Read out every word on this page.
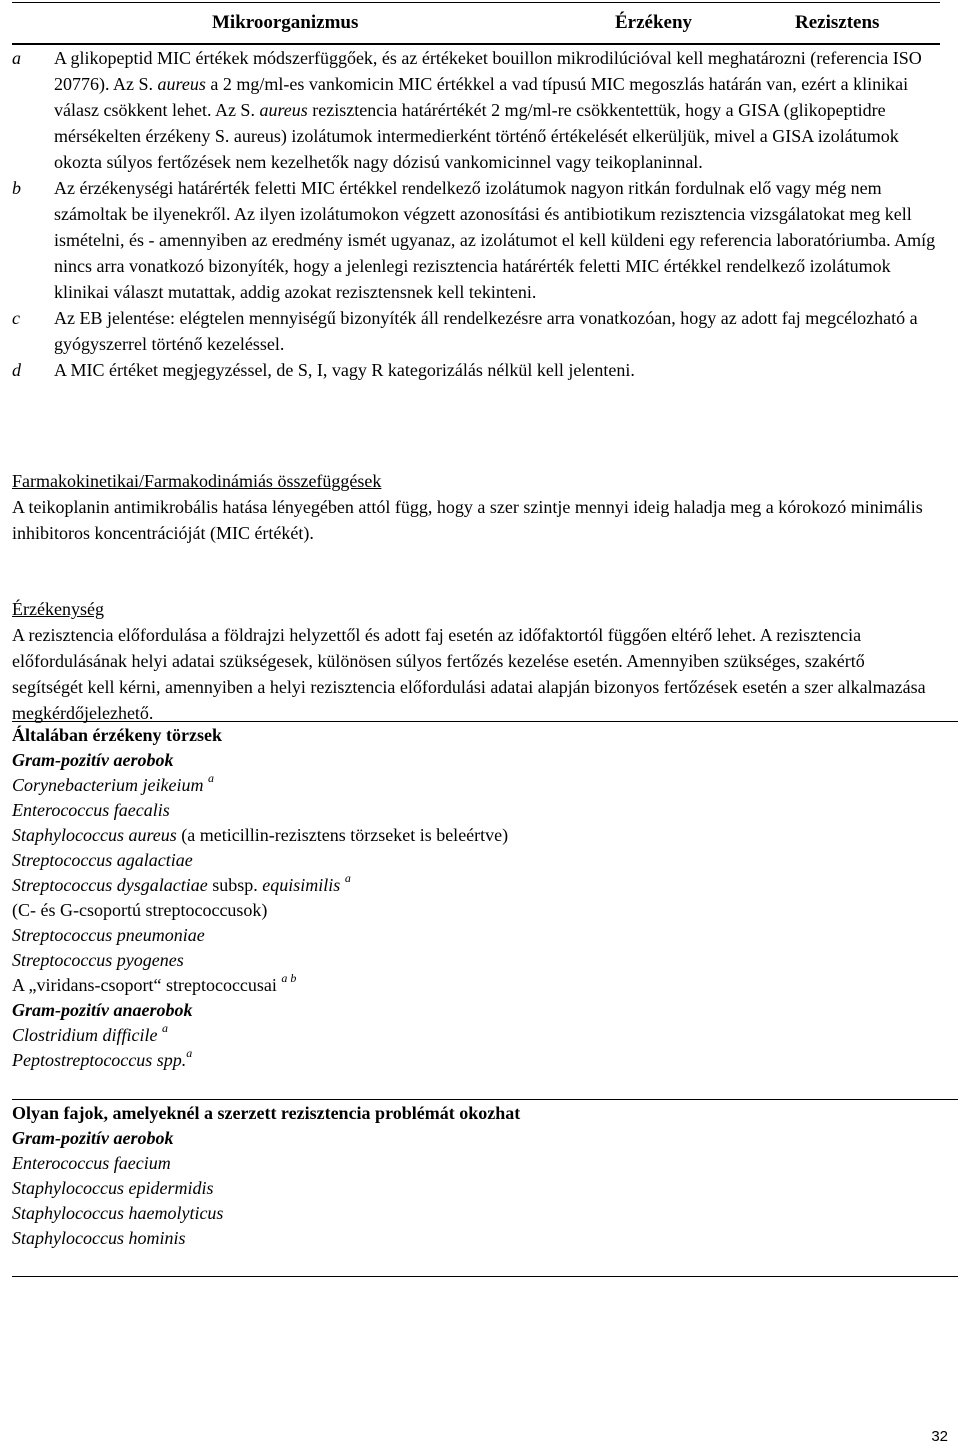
Mikroorganizmus	Érzékeny	Rezisztens
a	A glikopeptid MIC értékek módszerfüggőek, és az értékeket bouillon mikrodilúcióval kell meghatározni (referencia ISO 20776). Az S. aureus a 2 mg/ml-es vankomicin MIC értékkel a vad típusú MIC megoszlás határán van, ezért a klinikai válasz csökkent lehet. Az S. aureus rezisztencia határértékét 2 mg/ml-re csökkentettük, hogy a GISA (glikopeptidre mérsékelten érzékeny S. aureus) izolátumok intermedierként történő értékelését elkerüljük, mivel a GISA izolátumok okozta súlyos fertőzések nem kezelhetők nagy dózisú vankomicinnel vagy teikoplaninnal.
b	Az érzékenységi határérték feletti MIC értékkel rendelkező izolátumok nagyon ritkán fordulnak elő vagy még nem számoltak be ilyenekről. Az ilyen izolátumokon végzett azonosítási és antibiotikum rezisztencia vizsgálatokat meg kell ismételni, és - amennyiben az eredmény ismét ugyanaz, az izolátumot el kell küldeni egy referencia laboratóriumba. Amíg nincs arra vonatkozó bizonyíték, hogy a jelenlegi rezisztencia határérték feletti MIC értékkel rendelkező izolátumok klinikai választ mutattak, addig azokat rezisztensnek kell tekinteni.
c	Az EB jelentése: elégtelen mennyiségű bizonyíték áll rendelkezésre arra vonatkozóan, hogy az adott faj megcélozható a gyógyszerrel történő kezeléssel.
d	A MIC értéket megjegyzéssel, de S, I, vagy R kategorizálás nélkül kell jelenteni.
Farmakokinetikai/Farmakodinámiás összefüggések
A teikoplanin antimikrobális hatása lényegében attól függ, hogy a szer szintje mennyi ideig haladja meg a kórokozó minimális inhibitoros koncentrációját (MIC értékét).
Érzékenység
A rezisztencia előfordulása a földrajzi helyzettől és adott faj esetén az időfaktortól függően eltérő lehet. A rezisztencia előfordulásának helyi adatai szükségesek, különösen súlyos fertőzés kezelése esetén. Amennyiben szükséges, szakértő segítségét kell kérni, amennyiben a helyi rezisztencia előfordulási adatai alapján bizonyos fertőzések esetén a szer alkalmazása megkérdőjelezhető.
Általában érzékeny törzsek
Gram-pozitív aerobok
Corynebacterium jeikeium $^a$
Enterococcus faecalis
Staphylococcus aureus (a meticillin-rezisztens törzseket is beleértve)
Streptococcus agalactiae
Streptococcus dysgalactiae subsp. equisimilis $^a$
(C- és G-csoportú streptococcusok)
Streptococcus pneumoniae
Streptococcus pyogenes
A „viridans-csoport“ streptococcusai $^{a b}$
Gram-pozitív anaerobok
Clostridium difficile $^a$
Peptostreptococcus spp.$^a$
Olyan fajok, amelyeknél a szerzett rezisztencia problémát okozhat
Gram-pozitív aerobok
Enterococcus faecium
Staphylococcus epidermidis
Staphylococcus haemolyticus
Staphylococcus hominis
32
